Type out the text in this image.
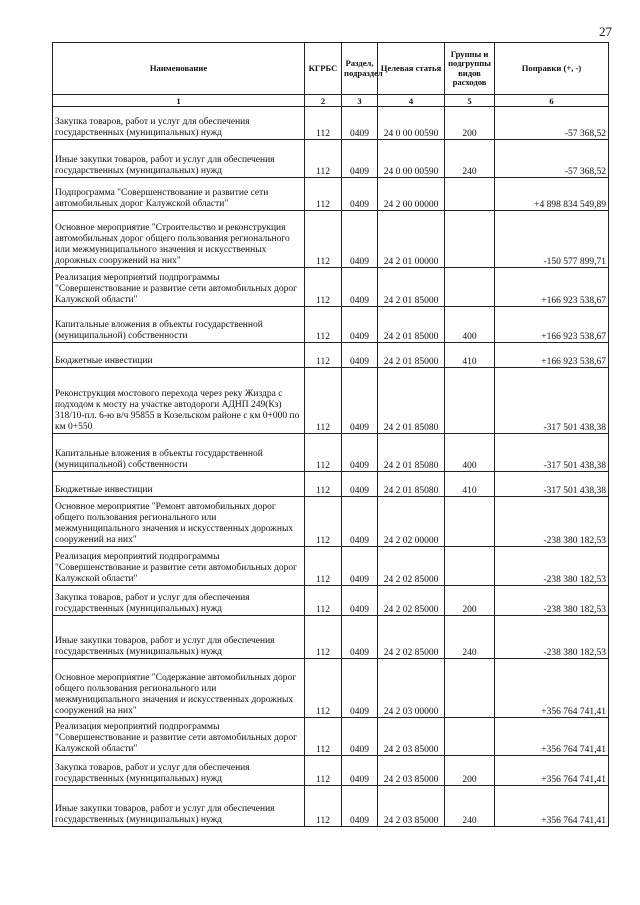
27
Наименование	КГРБС	Раздел, подраздел	Целевая статья	Группы и подгруппы видов расходов	Поправки (+, -)
1	2	3	4	5	6
Закупка товаров, работ и услуг для обеспечения государственных (муниципальных) нужд	112	0409	24 0 00 00590	200	-57 368,52
Иные закупки товаров, работ и услуг для обеспечения государственных (муниципальных) нужд	112	0409	24 0 00 00590	240	-57 368,52
Подпрограмма "Совершенствование и развитие сети автомобильных дорог Калужской области"	112	0409	24 2 00 00000		+4 898 834 549,89
Основное мероприятие "Строительство и реконструкция автомобильных дорог общего пользования регионального или межмуниципального значения и искусственных дорожных сооружений на них"	112	0409	24 2 01 00000		-150 577 899,71
Реализация мероприятий подпрограммы "Совершенствование и развитие сети автомобильных дорог Калужской области"	112	0409	24 2 01 85000		+166 923 538,67
Капитальные вложения в объекты государственной (муниципальной) собственности	112	0409	24 2 01 85000	400	+166 923 538,67
Бюджетные инвестиции	112	0409	24 2 01 85000	410	+166 923 538,67
Реконструкция мостового перехода через реку Жиздра с подходом к мосту на участке автодороги АДНП 249(Кз) 318/10-пл. 6-ю в/ч 95855 в Козельском районе с км 0+000 по км 0+550	112	0409	24 2 01 85080		-317 501 438,38
Капитальные вложения в объекты государственной (муниципальной) собственности	112	0409	24 2 01 85080	400	-317 501 438,38
Бюджетные инвестиции	112	0409	24 2 01 85080	410	-317 501 438,38
Основное мероприятие "Ремонт автомобильных дорог общего пользования регионального или межмуниципального значения и искусственных дорожных сооружений на них"	112	0409	24 2 02 00000		-238 380 182,53
Реализация мероприятий подпрограммы "Совершенствование и развитие сети автомобильных дорог Калужской области"	112	0409	24 2 02 85000		-238 380 182,53
Закупка товаров, работ и услуг для обеспечения государственных (муниципальных) нужд	112	0409	24 2 02 85000	200	-238 380 182,53
Иные закупки товаров, работ и услуг для обеспечения государственных (муниципальных) нужд	112	0409	24 2 02 85000	240	-238 380 182,53
Основное мероприятие "Содержание автомобильных дорог общего пользования регионального или межмуниципального значения и искусственных дорожных сооружений на них"	112	0409	24 2 03 00000		+356 764 741,41
Реализация мероприятий подпрограммы "Совершенствование и развитие сети автомобильных дорог Калужской области"	112	0409	24 2 03 85000		+356 764 741,41
Закупка товаров, работ и услуг для обеспечения государственных (муниципальных) нужд	112	0409	24 2 03 85000	200	+356 764 741,41
Иные закупки товаров, работ и услуг для обеспечения государственных (муниципальных) нужд	112	0409	24 2 03 85000	240	+356 764 741,41
